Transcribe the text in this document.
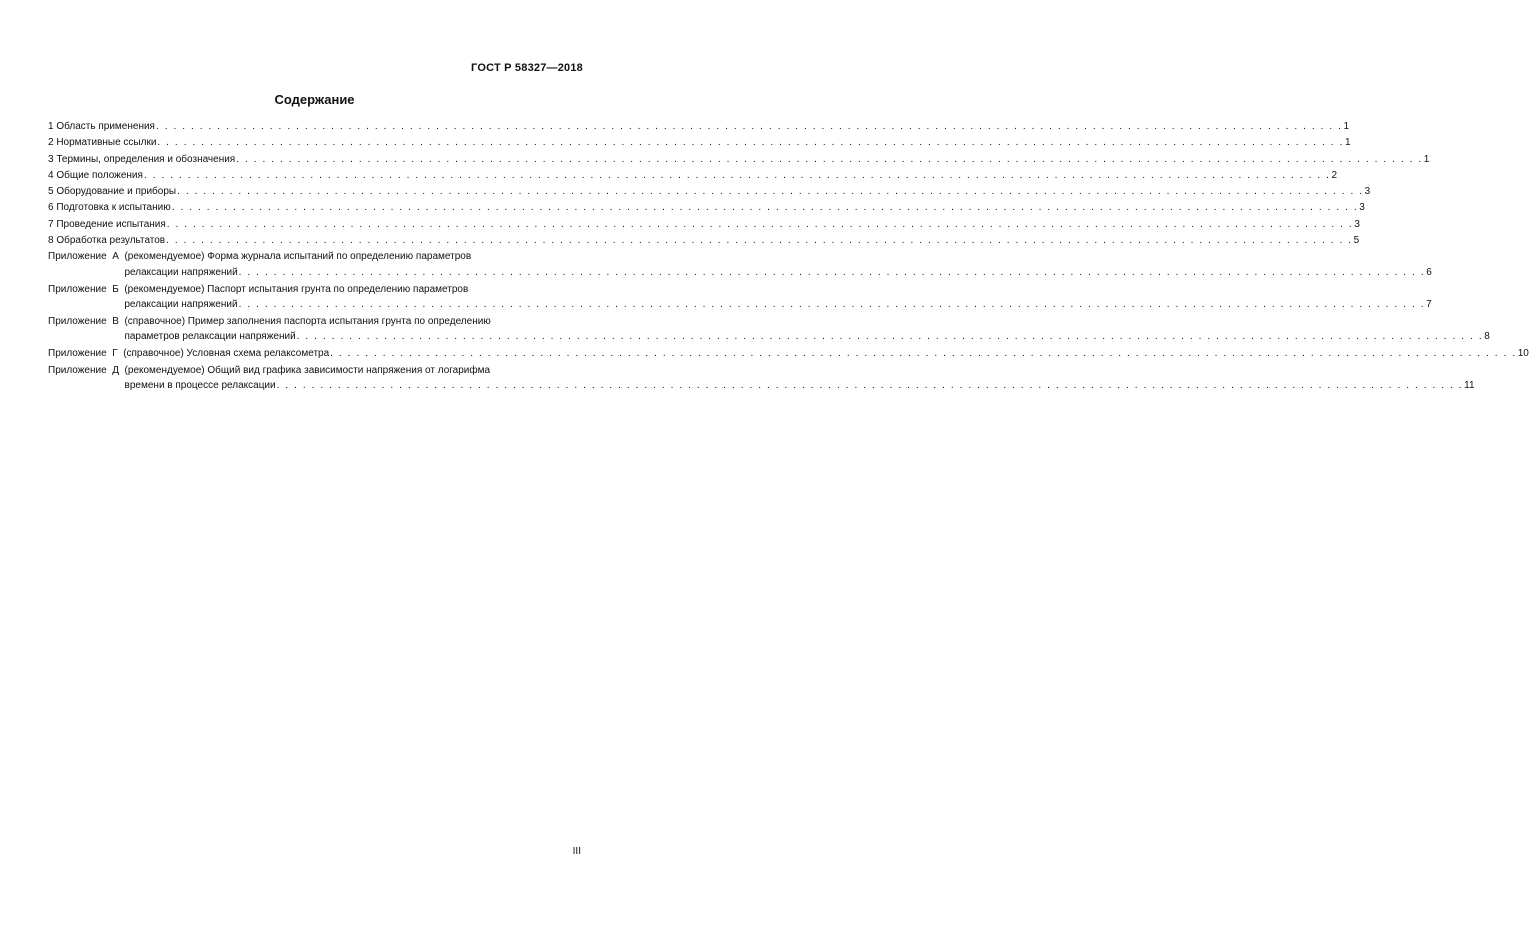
ГОСТ Р 58327—2018
Содержание
1 Область применения . . .	1
2 Нормативные ссылки . . .	1
3 Термины, определения и обозначения . . .	1
4 Общие положения . . .	2
5 Оборудование и приборы . . .	3
6 Подготовка к испытанию . . .	3
7 Проведение испытания . . .	3
8 Обработка результатов . . .	5
Приложение  А (рекомендуемое) Форма журнала испытаний по определению параметров
релаксации напряжений . . .	6
Приложение  Б (рекомендуемое) Паспорт испытания грунта по определению параметров
релаксации напряжений . . .	7
Приложение  В (справочное) Пример заполнения паспорта испытания грунта по определению
параметров релаксации напряжений . . .	8
Приложение  Г (справочное) Условная схема релаксометра . . .	10
Приложение  Д (рекомендуемое) Общий вид графика зависимости напряжения от логарифма
времени в процессе релаксации . . .	11
III
